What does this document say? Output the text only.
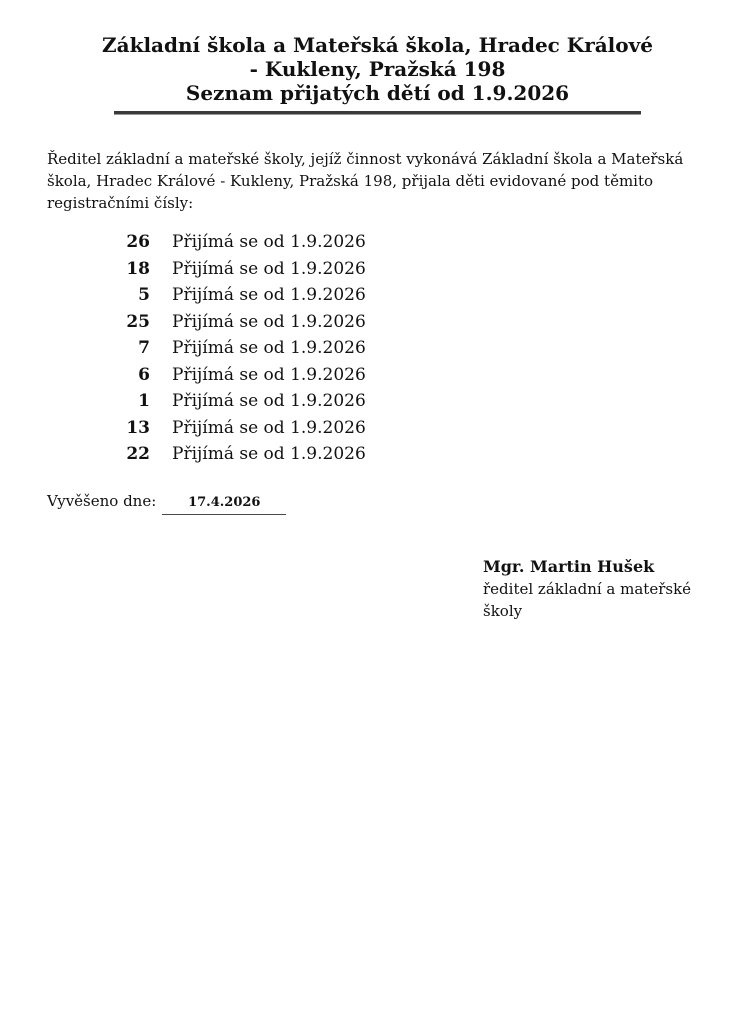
Základní škola a Mateřská škola, Hradec Králové - Kukleny, Pražská 198
Seznam přijatých dětí od 1.9.2026

Ředitel základní a mateřské školy, jejíž činnost vykonává Základní škola a Mateřská škola, Hradec Králové - Kukleny, Pražská 198, přijala děti evidované pod těmito registračními čísly:

26 Přijímá se od 1.9.2026
18 Přijímá se od 1.9.2026
5 Přijímá se od 1.9.2026
25 Přijímá se od 1.9.2026
7 Přijímá se od 1.9.2026
6 Přijímá se od 1.9.2026
1 Přijímá se od 1.9.2026
13 Přijímá se od 1.9.2026
22 Přijímá se od 1.9.2026
Vyvěšeno dne: 17.4.2026
Mgr. Martin Hušek
ředitel základní a mateřské školy
